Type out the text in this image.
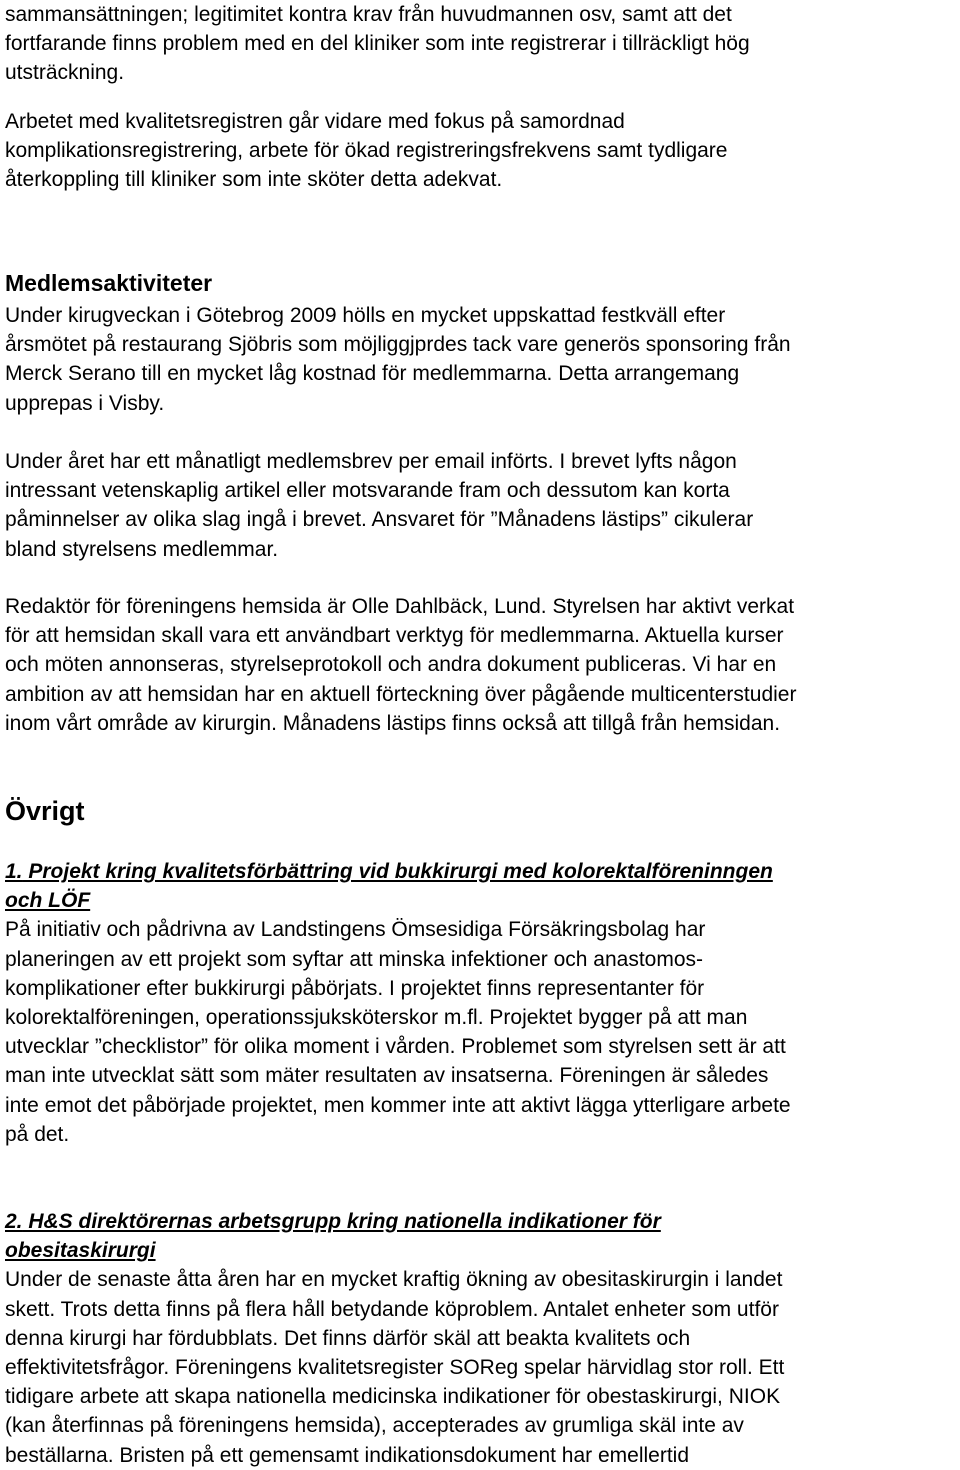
sammansättningen; legitimitet kontra krav från huvudmannen osv, samt att det
fortfarande finns problem med en del kliniker som inte registrerar i tillräckligt hög
utsträckning.
Arbetet med kvalitetsregistren går vidare med fokus på samordnad
komplikationsregistrering, arbete för ökad registreringsfrekvens samt tydligare
återkoppling till kliniker som inte sköter detta adekvat.
Medlemsaktiviteter
Under kirugveckan i Götebrog 2009 hölls en mycket uppskattad festkväll efter
årsmötet på restaurang Sjöbris som möjliggjprdes tack vare generös sponsoring från
Merck Serano till en mycket låg kostnad för medlemmarna. Detta arrangemang
upprepas i Visby.
Under året har ett månatligt medlemsbrev per email införts. I brevet lyfts någon
intressant vetenskaplig artikel eller motsvarande fram och dessutom kan korta
påminnelser av olika slag ingå i brevet. Ansvaret för ”Månadens lästips” cikulerar
bland styrelsens medlemmar.
Redaktör för föreningens hemsida är Olle Dahlbäck, Lund. Styrelsen har aktivt verkat
för att hemsidan skall vara ett användbart verktyg för medlemmarna. Aktuella kurser
och möten annonseras, styrelseprotokoll och andra dokument publiceras. Vi har en
ambition av att hemsidan har en aktuell förteckning över pågående multicenterstudier
inom vårt område av kirurgin. Månadens lästips finns också att tillgå från hemsidan.
Övrigt
1. Projekt kring kvalitetsförbättring vid bukkirurgi med kolorektalföreninngen
och LÖF
På initiativ och pådrivna av Landstingens Ömsesidiga Försäkringsbolag har
planeringen av ett projekt som syftar att minska infektioner och anastomos-
komplikationer efter bukkirurgi påbörjats. I projektet finns representanter för
kolorektalföreningen, operationssjuksköterskor m.fl. Projektet bygger på att man
utvecklar ”checklistor” för olika moment i vården. Problemet som styrelsen sett är att
man inte utvecklat sätt som mäter resultaten av insatserna. Föreningen är således
inte emot det påbörjade projektet, men kommer inte att aktivt lägga ytterligare arbete
på det.
2. H&S direktörernas arbetsgrupp kring nationella indikationer för
obesitaskirurgi
Under de senaste åtta åren har en mycket kraftig ökning av obesitaskirurgin i landet
skett. Trots detta finns på flera håll betydande köproblem. Antalet enheter som utför
denna kirurgi har fördubblats. Det finns därför skäl att beakta kvalitets och
effektivitetsfrågor. Föreningens kvalitetsregister SOReg spelar härvidlag stor roll. Ett
tidigare arbete att skapa nationella medicinska indikationer för obestaskirurgi, NIOK
(kan återfinnas på föreningens hemsida), accepterades av grumliga skäl inte av
beställarna. Bristen på ett gemensamt indikationsdokument har emellertid
